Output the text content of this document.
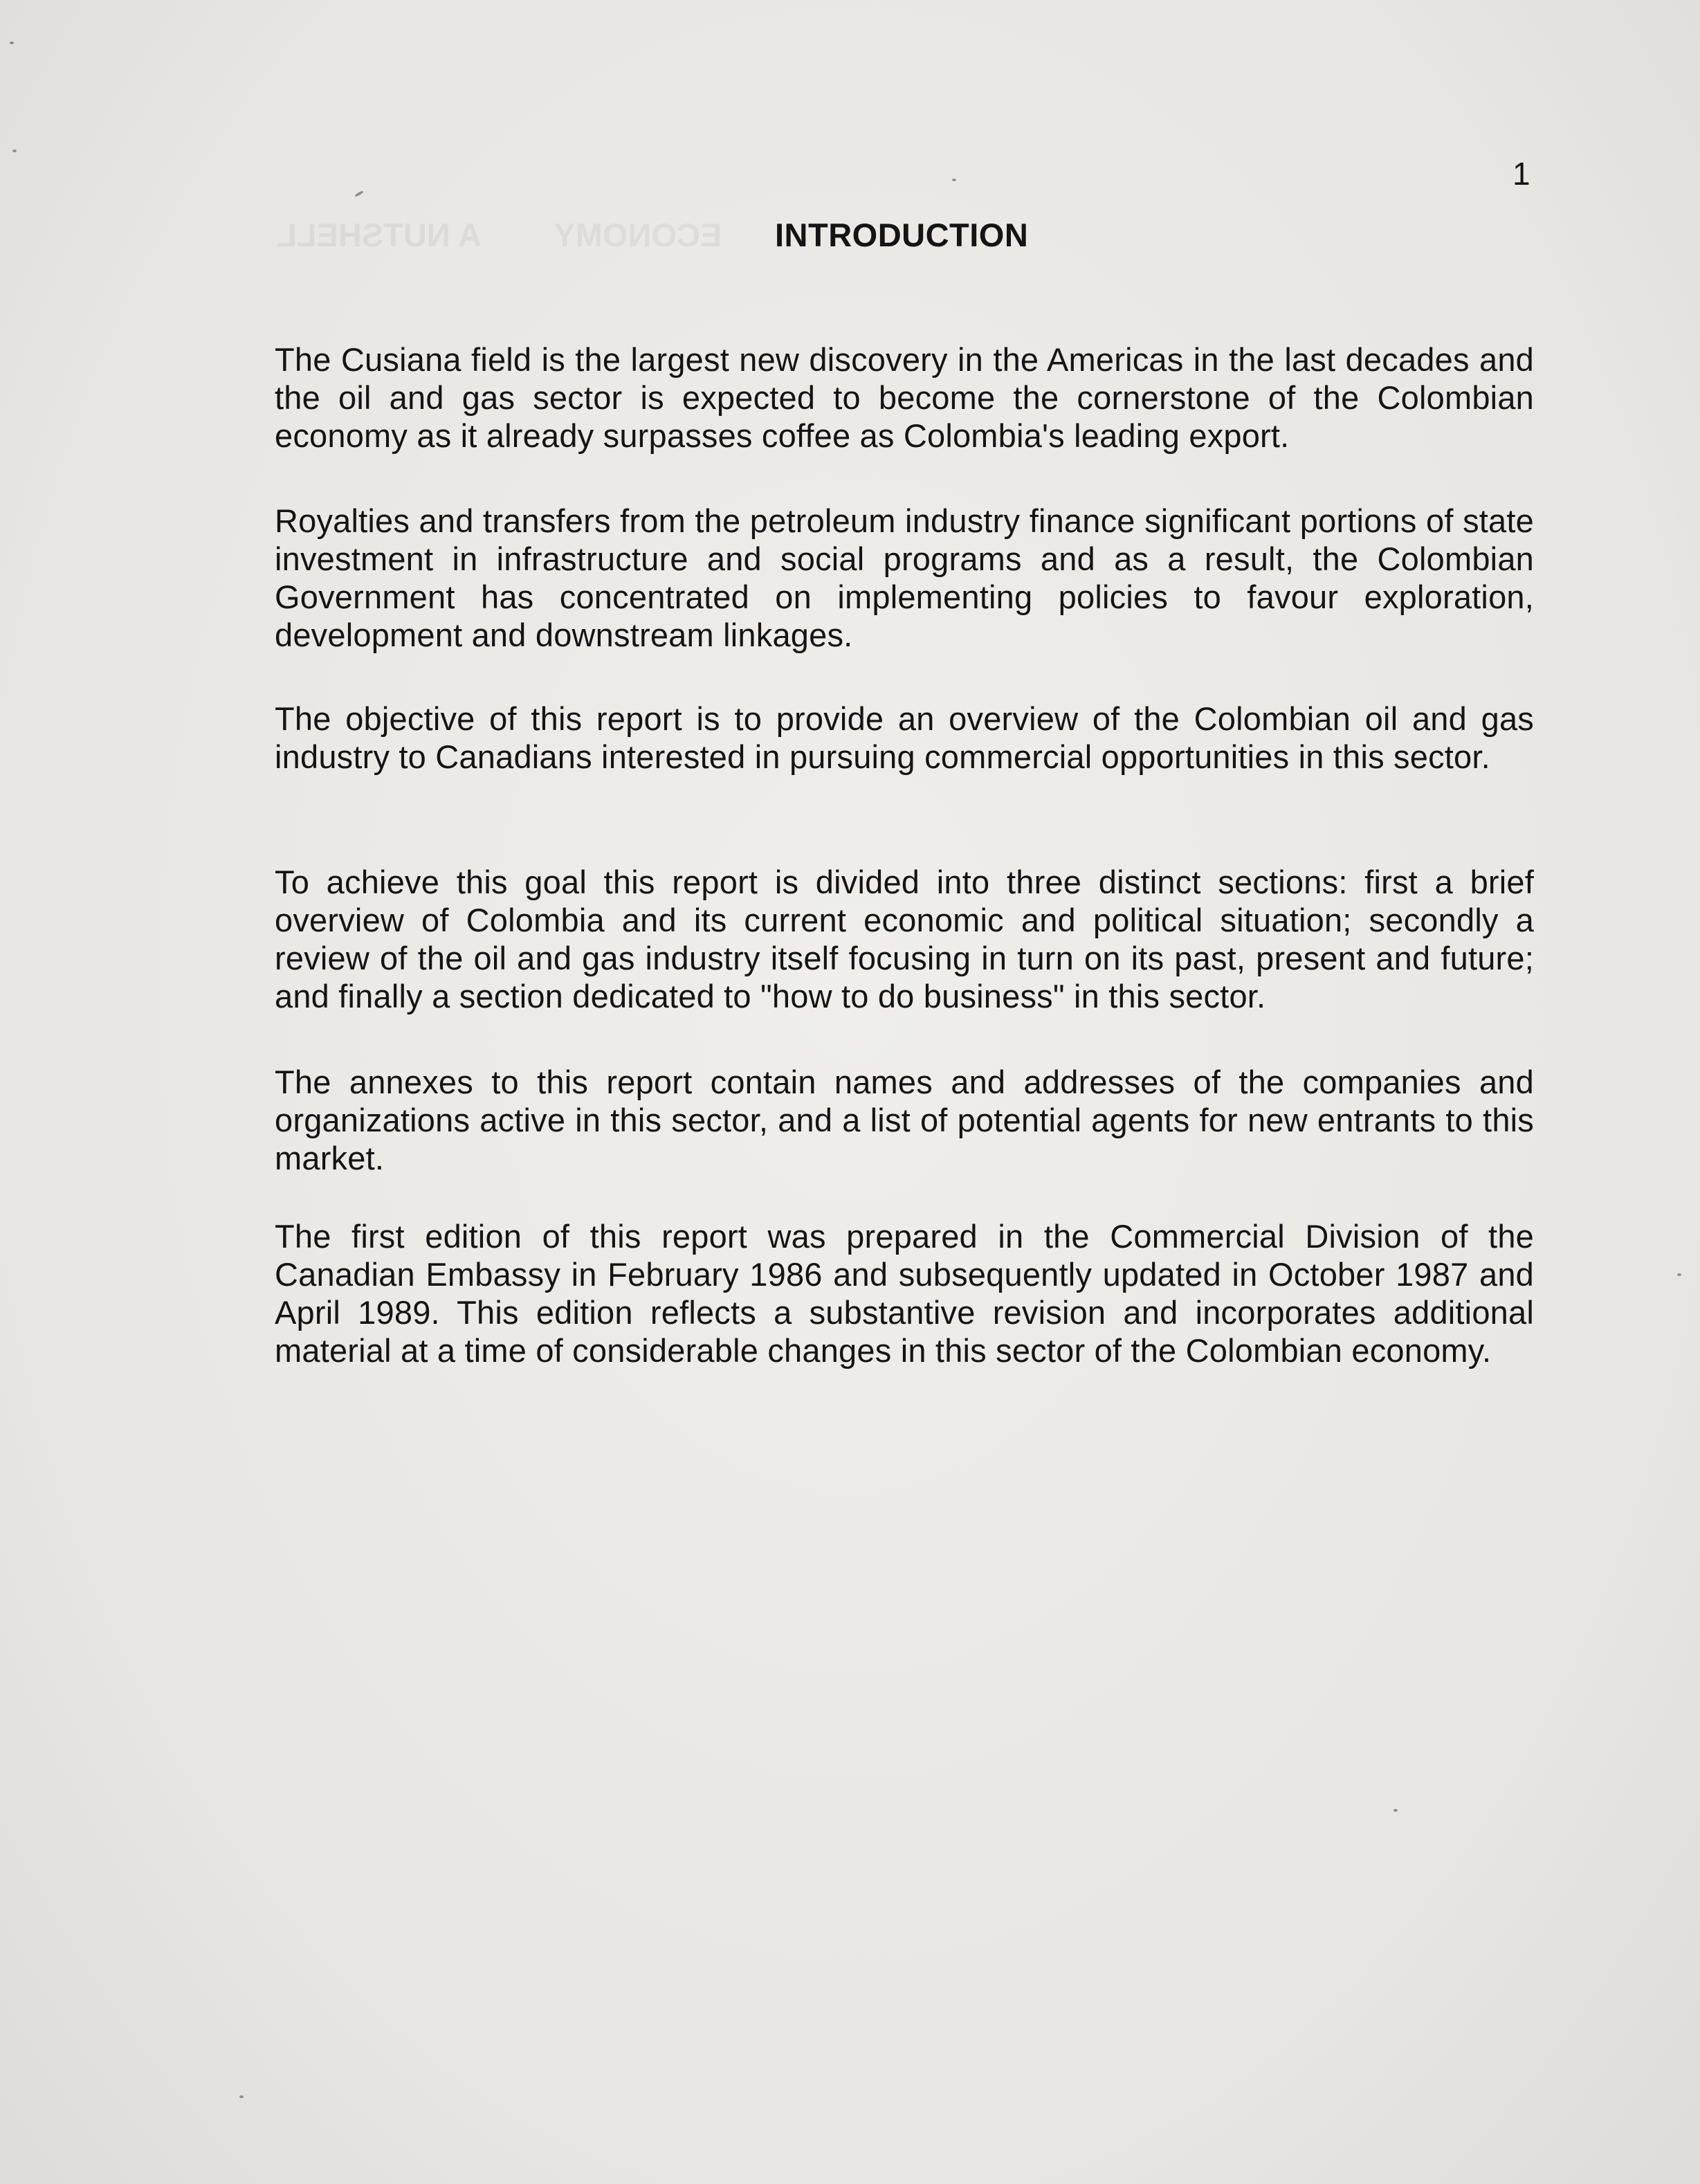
ECONOMY        A NUTSHELL

1
INTRODUCTION

The Cusiana field is the largest new discovery in the Americas in the last decades and the oil and gas sector is expected to become the cornerstone of the Colombian economy as it already surpasses coffee as Colombia's leading export.

Royalties and transfers from the petroleum industry finance significant portions of state investment in infrastructure and social programs and as a result, the Colombian Government has concentrated on implementing policies to favour exploration, development and downstream linkages.

The objective of this report is to provide an overview of the Colombian oil and gas industry to Canadians interested in pursuing commercial opportunities in this sector.

To achieve this goal this report is divided into three distinct sections: first a brief overview of Colombia and its current economic and political situation; secondly a review of the oil and gas industry itself focusing in turn on its past, present and future; and finally a section dedicated to "how to do business" in this sector.

The annexes to this report contain names and addresses of the companies and organizations active in this sector, and a list of potential agents for new entrants to this market.

The first edition of this report was prepared in the Commercial Division of the Canadian Embassy in February 1986 and subsequently updated in October 1987 and April 1989. This edition reflects a substantive revision and incorporates additional material at a time of considerable changes in this sector of the Colombian economy.
